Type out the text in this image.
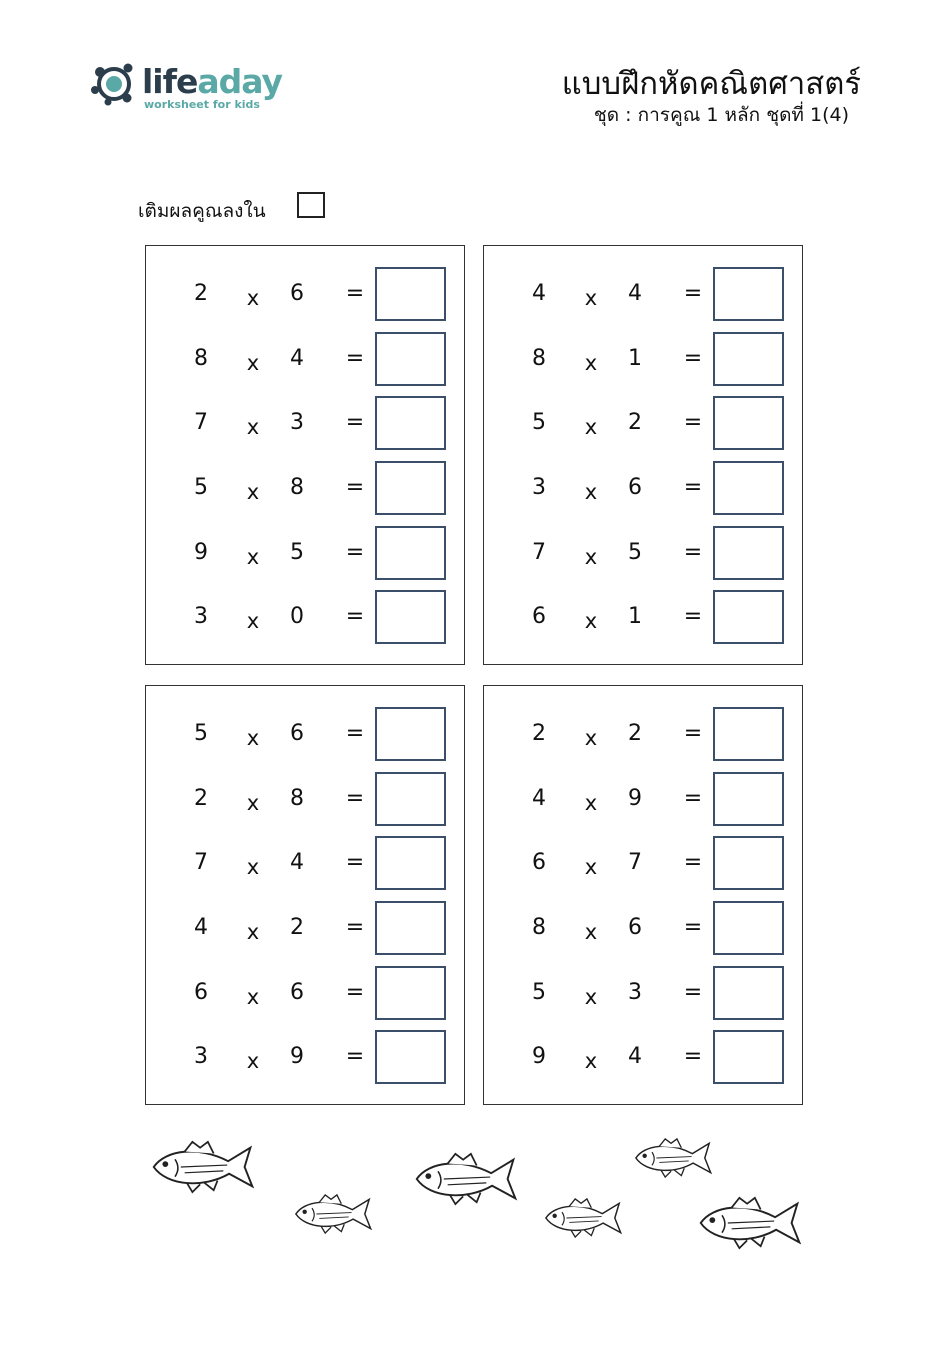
lifeaday
worksheet for kids
แบบฝึกหัดคณิตศาสตร์
ชุด : การคูณ 1 หลัก ชุดที่ 1(4)
เติมผลคูณลงใน
2	x	6	=
8	x	4	=
7	x	3	=
5	x	8	=
9	x	5	=
3	x	0	=
4	x	4	=
8	x	1	=
5	x	2	=
3	x	6	=
7	x	5	=
6	x	1	=
5	x	6	=
2	x	8	=
7	x	4	=
4	x	2	=
6	x	6	=
3	x	9	=
2	x	2	=
4	x	9	=
6	x	7	=
8	x	6	=
5	x	3	=
9	x	4	=
